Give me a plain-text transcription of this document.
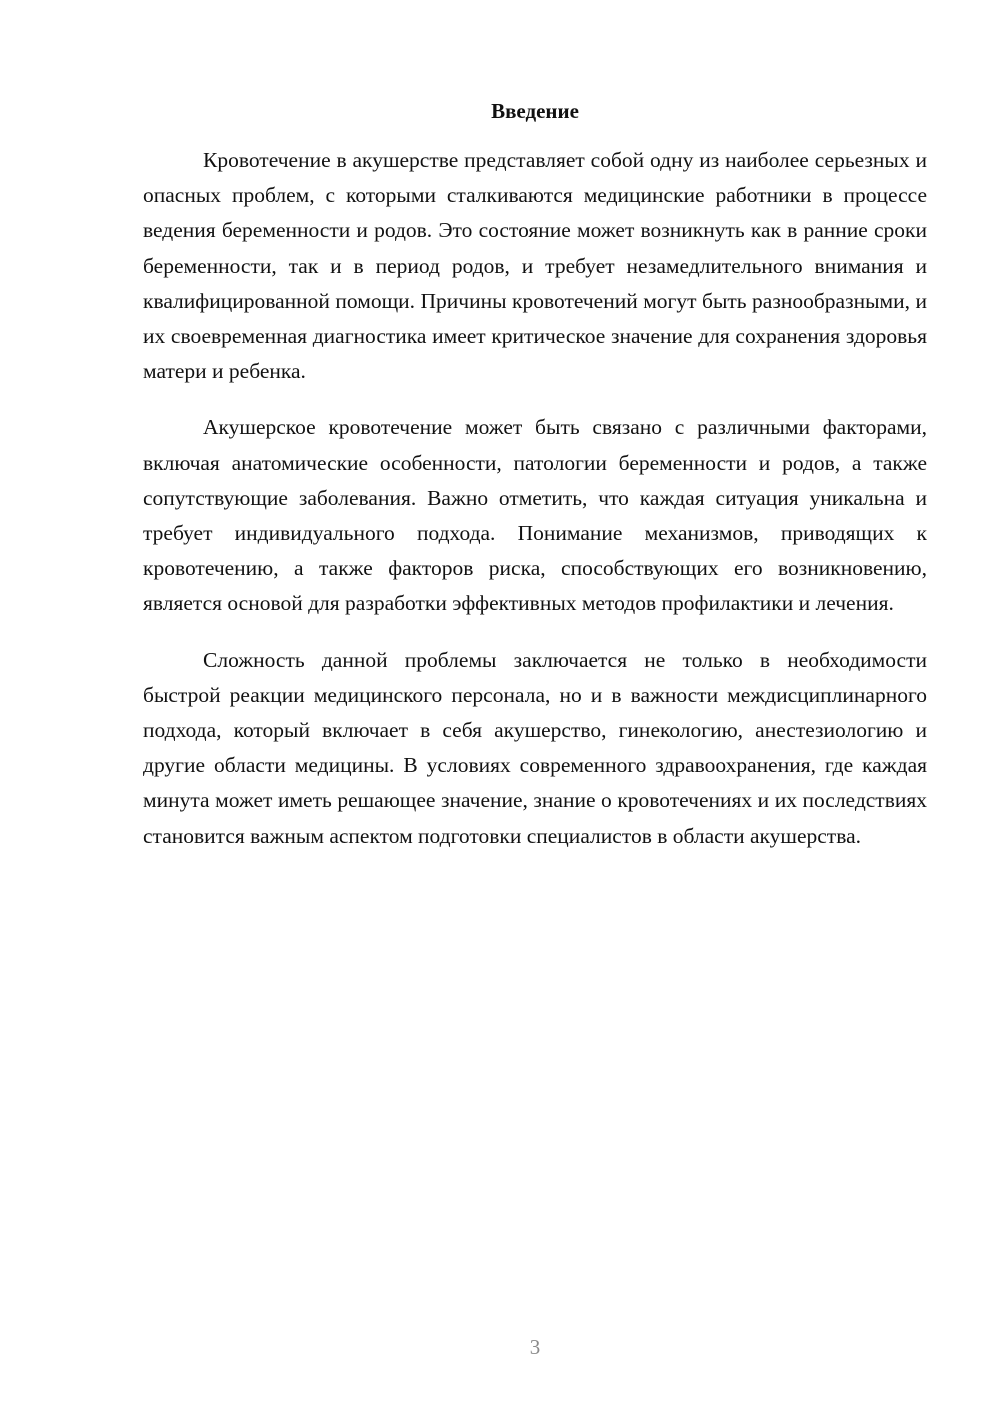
Введение

Кровотечение в акушерстве представляет собой одну из наиболее серьезных и опасных проблем, с которыми сталкиваются медицинские работники в процессе ведения беременности и родов. Это состояние может возникнуть как в ранние сроки беременности, так и в период родов, и требует незамедлительного внимания и квалифицированной помощи. Причины кровотечений могут быть разнообразными, и их своевременная диагностика имеет критическое значение для сохранения здоровья матери и ребенка.

Акушерское кровотечение может быть связано с различными факторами, включая анатомические особенности, патологии беременности и родов, а также сопутствующие заболевания. Важно отметить, что каждая ситуация уникальна и требует индивидуального подхода. Понимание механизмов, приводящих к кровотечению, а также факторов риска, способствующих его возникновению, является основой для разработки эффективных методов профилактики и лечения.

Сложность данной проблемы заключается не только в необходимости быстрой реакции медицинского персонала, но и в важности междисциплинарного подхода, который включает в себя акушерство, гинекологию, анестезиологию и другие области медицины. В условиях современного здравоохранения, где каждая минута может иметь решающее значение, знание о кровотечениях и их последствиях становится важным аспектом подготовки специалистов в области акушерства.

3
